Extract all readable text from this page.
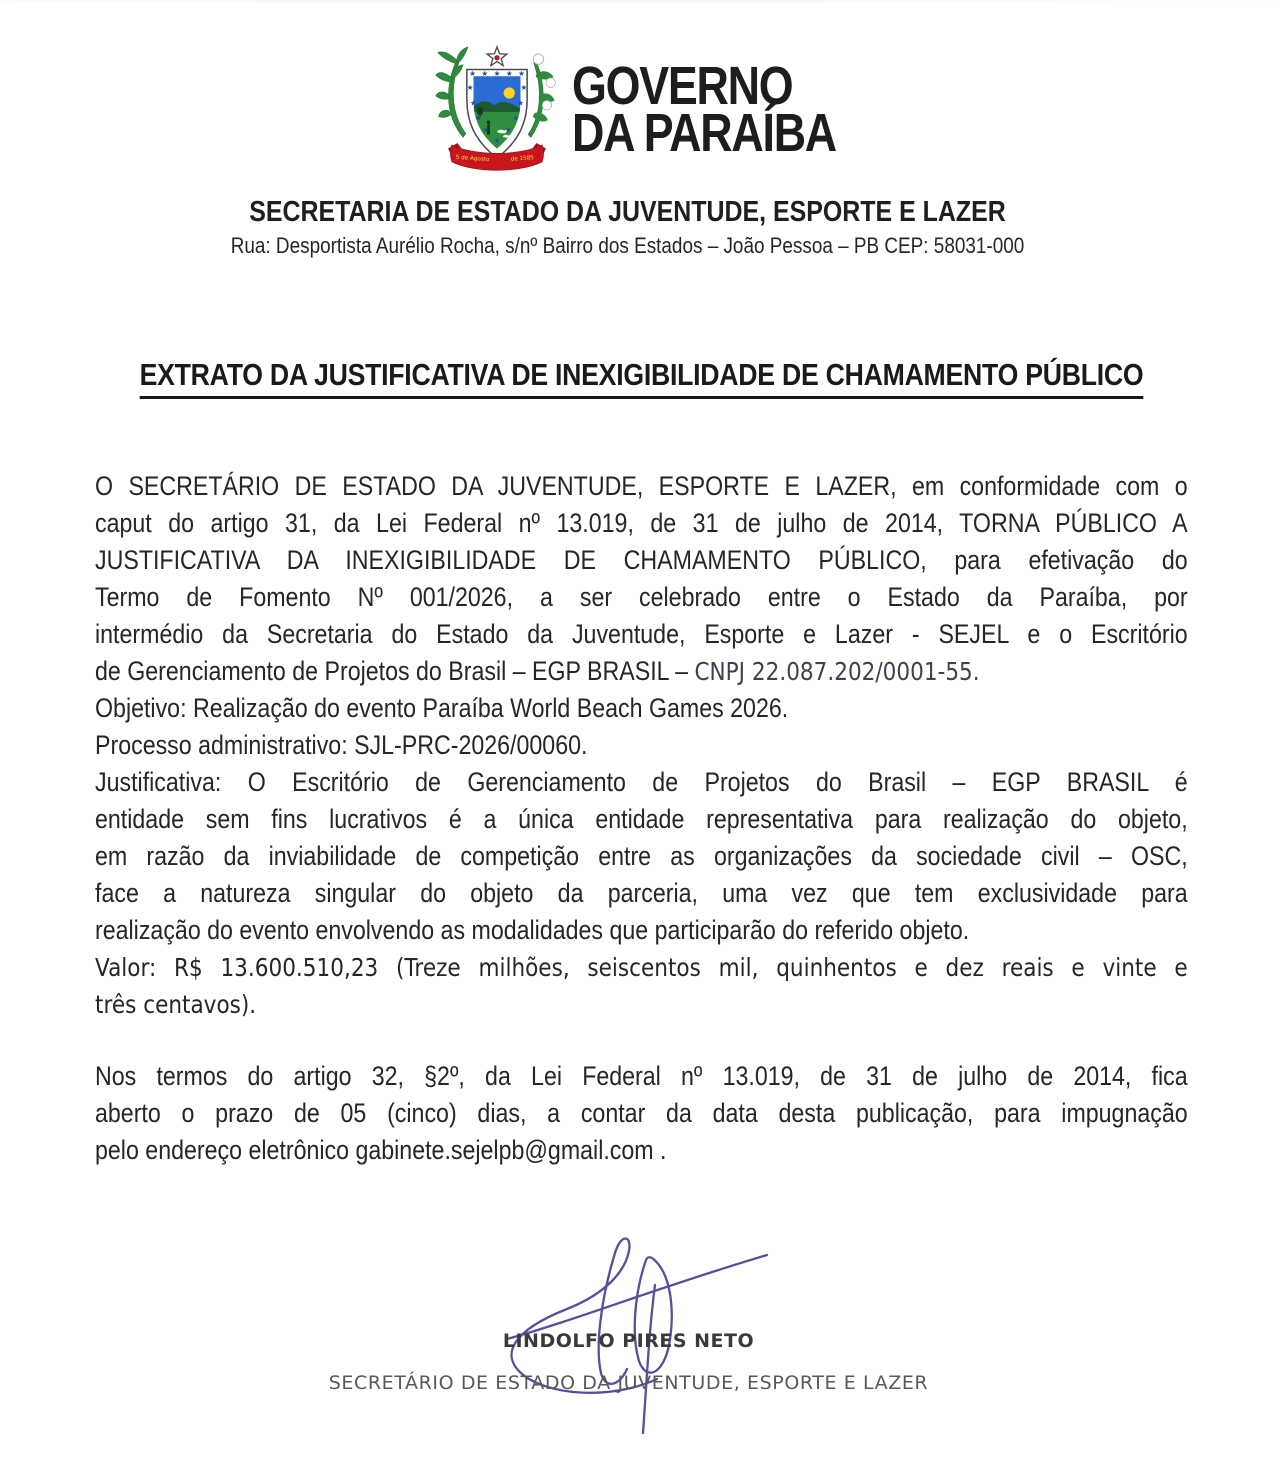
★ ★ ★ ★ ★
★	★
★	★
★	★
★ ★
★
5 de Agosto	de 1585
GOVERNO
DA PARAÍBA
SECRETARIA DE ESTADO DA JUVENTUDE, ESPORTE E LAZER
Rua: Desportista Aurélio Rocha, s/nº Bairro dos Estados – João Pessoa – PB CEP: 58031-000
EXTRATO DA JUSTIFICATIVA DE INEXIGIBILIDADE DE CHAMAMENTO PÚBLICO
O SECRETÁRIO DE ESTADO DA JUVENTUDE, ESPORTE E LAZER, em conformidade com o
caput do artigo 31, da Lei Federal nº 13.019, de 31 de julho de 2014, TORNA PÚBLICO A
JUSTIFICATIVA DA INEXIGIBILIDADE DE CHAMAMENTO PÚBLICO, para efetivação do
Termo de Fomento Nº 001/2026, a ser celebrado entre o Estado da Paraíba, por
intermédio da Secretaria do Estado da Juventude, Esporte e Lazer - SEJEL e o Escritório
de Gerenciamento de Projetos do Brasil – EGP BRASIL – CNPJ 22.087.202/0001-55.
Objetivo: Realização do evento Paraíba World Beach Games 2026.
Processo administrativo: SJL-PRC-2026/00060.
Justificativa: O Escritório de Gerenciamento de Projetos do Brasil – EGP BRASIL é
entidade sem fins lucrativos é a única entidade representativa para realização do objeto,
em razão da inviabilidade de competição entre as organizações da sociedade civil – OSC,
face a natureza singular do objeto da parceria, uma vez que tem exclusividade para
realização do evento envolvendo as modalidades que participarão do referido objeto.
Valor: R$ 13.600.510,23 (Treze milhões, seiscentos mil, quinhentos e dez reais e vinte e
três centavos).
Nos termos do artigo 32, §2º, da Lei Federal nº 13.019, de 31 de julho de 2014, fica
aberto o prazo de 05 (cinco) dias, a contar da data desta publicação, para impugnação
pelo endereço eletrônico gabinete.sejelpb@gmail.com .
LINDOLFO PIRES NETO
SECRETÁRIO DE ESTADO DA JUVENTUDE, ESPORTE E LAZER
